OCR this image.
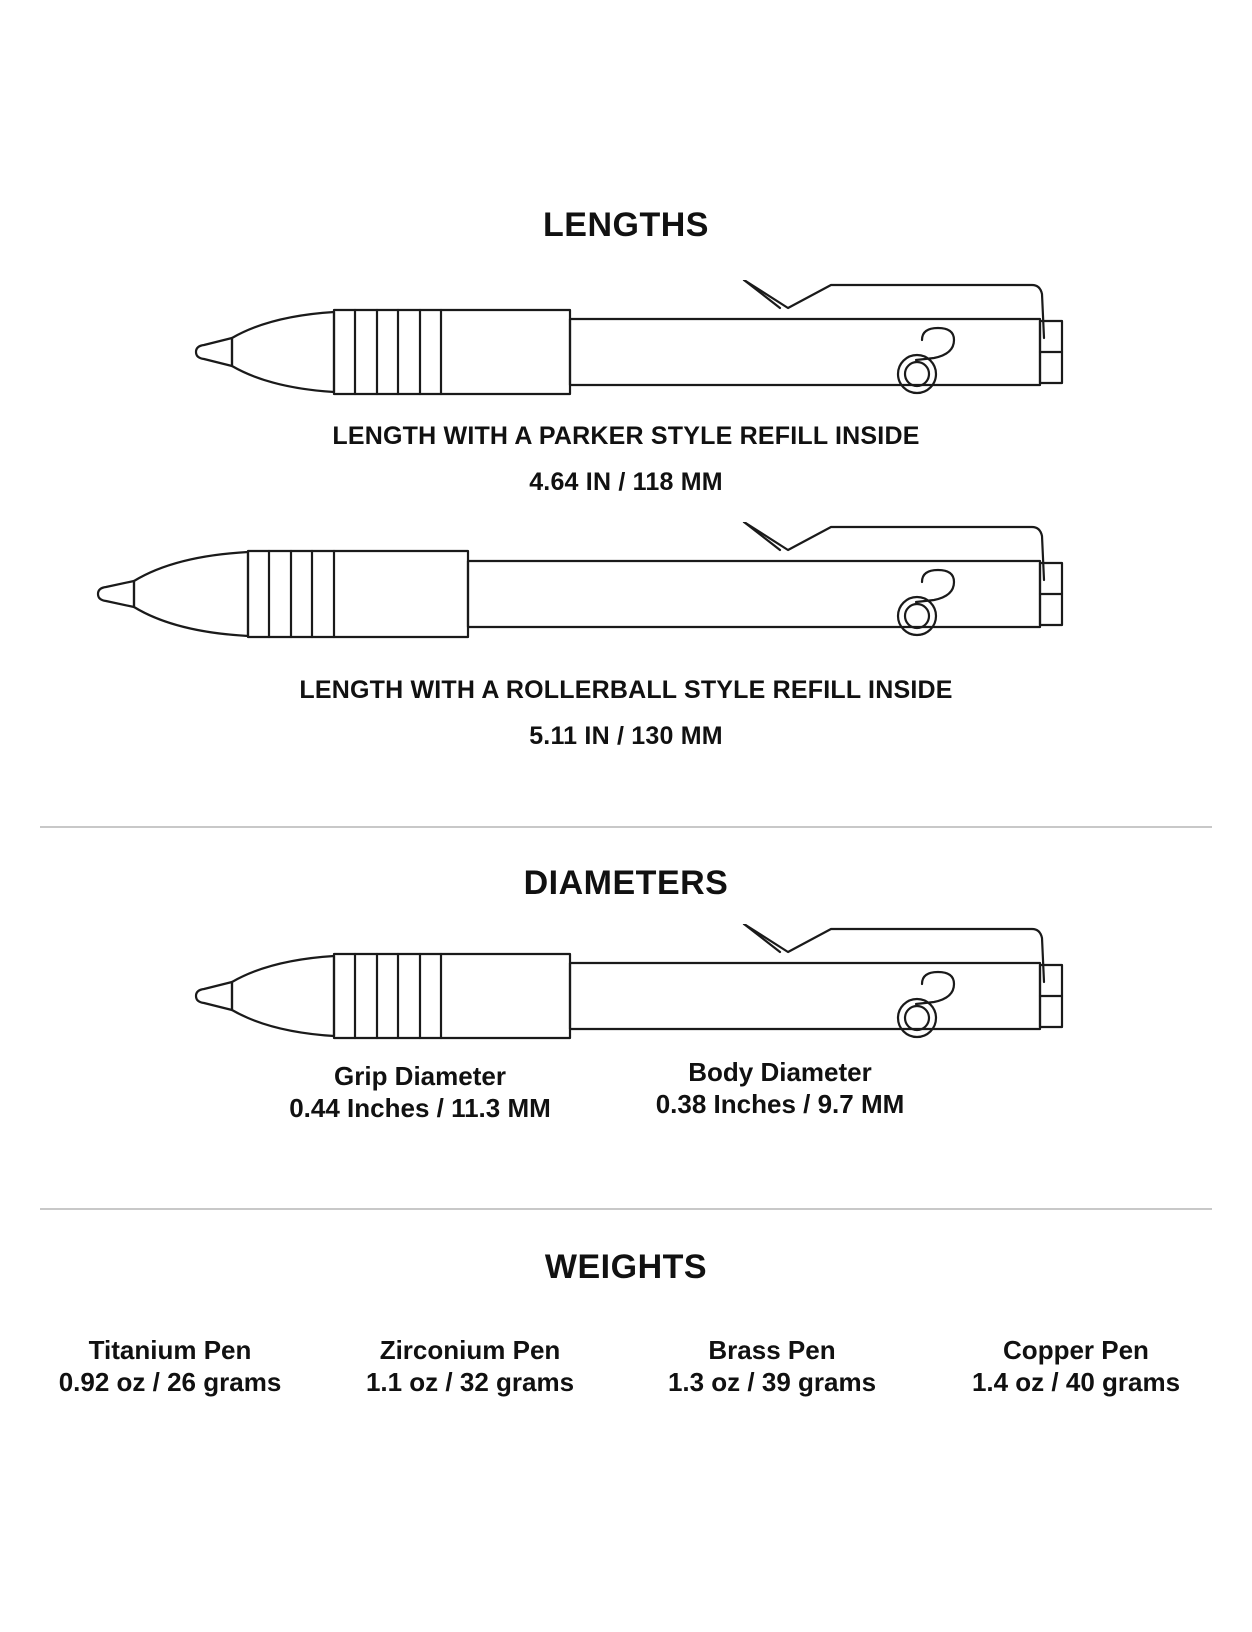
LENGTHS
LENGTH WITH A PARKER STYLE REFILL INSIDE
4.64 IN / 118 MM
LENGTH WITH A ROLLERBALL STYLE REFILL INSIDE
5.11 IN / 130 MM
DIAMETERS
Grip Diameter
0.44 Inches / 11.3 MM
Body Diameter
0.38 Inches / 9.7 MM
WEIGHTS
Titanium Pen
0.92 oz / 26 grams
Zirconium Pen
1.1 oz / 32 grams
Brass Pen
1.3 oz / 39 grams
Copper Pen
1.4 oz / 40 grams
